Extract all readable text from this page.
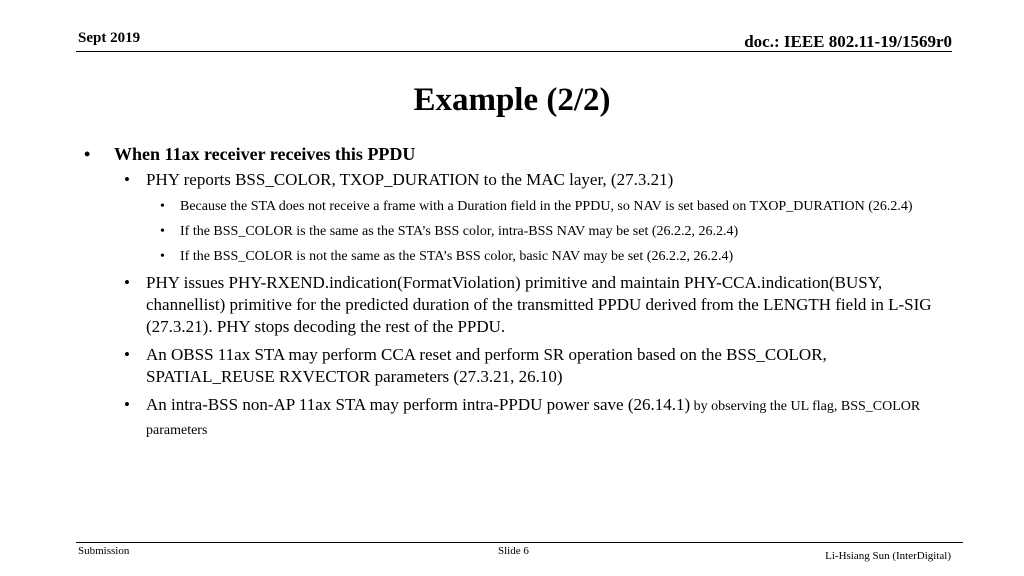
Sept 2019	doc.: IEEE 802.11-19/1569r0
Example (2/2)
• When 11ax receiver receives this PPDU
• PHY reports BSS_COLOR, TXOP_DURATION to the MAC layer, (27.3.21)
• Because the STA does not receive a frame with a Duration field in the PPDU, so NAV is set based on TXOP_DURATION (26.2.4)
• If the BSS_COLOR is the same as the STA’s BSS color, intra-BSS NAV may be set (26.2.2, 26.2.4)
• If the BSS_COLOR is not the same as the STA’s BSS color, basic NAV may be set (26.2.2, 26.2.4)
• PHY issues PHY-RXEND.indication(FormatViolation) primitive and maintain PHY-CCA.indication(BUSY, channellist) primitive for the predicted duration of the transmitted PPDU derived from the LENGTH field in L-SIG (27.3.21). PHY stops decoding the rest of the PPDU.
• An OBSS 11ax STA may perform CCA reset and perform SR operation based on the BSS_COLOR, SPATIAL_REUSE RXVECTOR parameters (27.3.21, 26.10)
• An intra-BSS non-AP 11ax STA may perform intra-PPDU power save (26.14.1) by observing the UL flag, BSS_COLOR parameters
Submission	Slide 6	Li-Hsiang Sun (InterDigital)
